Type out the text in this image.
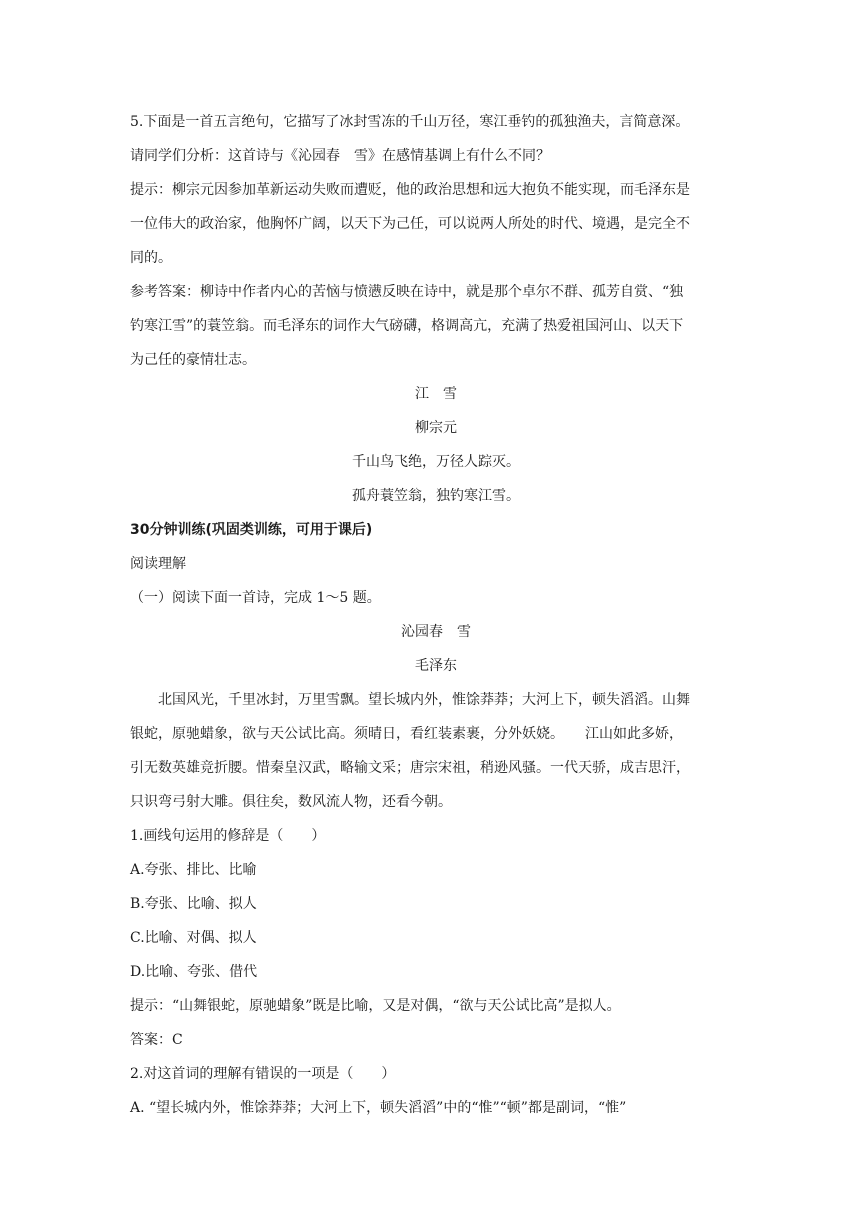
5.下面是一首五言绝句，它描写了冰封雪冻的千山万径，寒江垂钓的孤独渔夫，言简意深。
请同学们分析：这首诗与《沁园春　雪》在感情基调上有什么不同？
提示：柳宗元因参加革新运动失败而遭贬，他的政治思想和远大抱负不能实现，而毛泽东是
一位伟大的政治家，他胸怀广阔，以天下为己任，可以说两人所处的时代、境遇，是完全不
同的。
参考答案：柳诗中作者内心的苦恼与愤懑反映在诗中，就是那个卓尔不群、孤芳自赏、“独
钓寒江雪”的蓑笠翁。而毛泽东的词作大气磅礴，格调高亢，充满了热爱祖国河山、以天下
为己任的豪情壮志。
江　雪
柳宗元
千山鸟飞绝，万径人踪灭。
孤舟蓑笠翁，独钓寒江雪。
30分钟训练(巩固类训练，可用于课后)
阅读理解
（一）阅读下面一首诗，完成 1～5 题。
沁园春　雪
毛泽东
北国风光，千里冰封，万里雪飘。望长城内外，惟馀莽莽；大河上下，顿失滔滔。山舞
银蛇，原驰蜡象，欲与天公试比高。须晴日，看红装素裹，分外妖娆。　　江山如此多娇，
引无数英雄竞折腰。惜秦皇汉武，略输文采；唐宗宋祖，稍逊风骚。一代天骄，成吉思汗，
只识弯弓射大雕。俱往矣，数风流人物，还看今朝。
1.画线句运用的修辞是（　　）
A.夸张、排比、比喻
B.夸张、比喻、拟人
C.比喻、对偶、拟人
D.比喻、夸张、借代
提示：“山舞银蛇，原驰蜡象”既是比喻，又是对偶，“欲与天公试比高”是拟人。
答案：C
2.对这首词的理解有错误的一项是（　　）
A. “望长城内外，惟馀莽莽；大河上下，顿失滔滔”中的“惟”“顿”都是副词，“惟”
